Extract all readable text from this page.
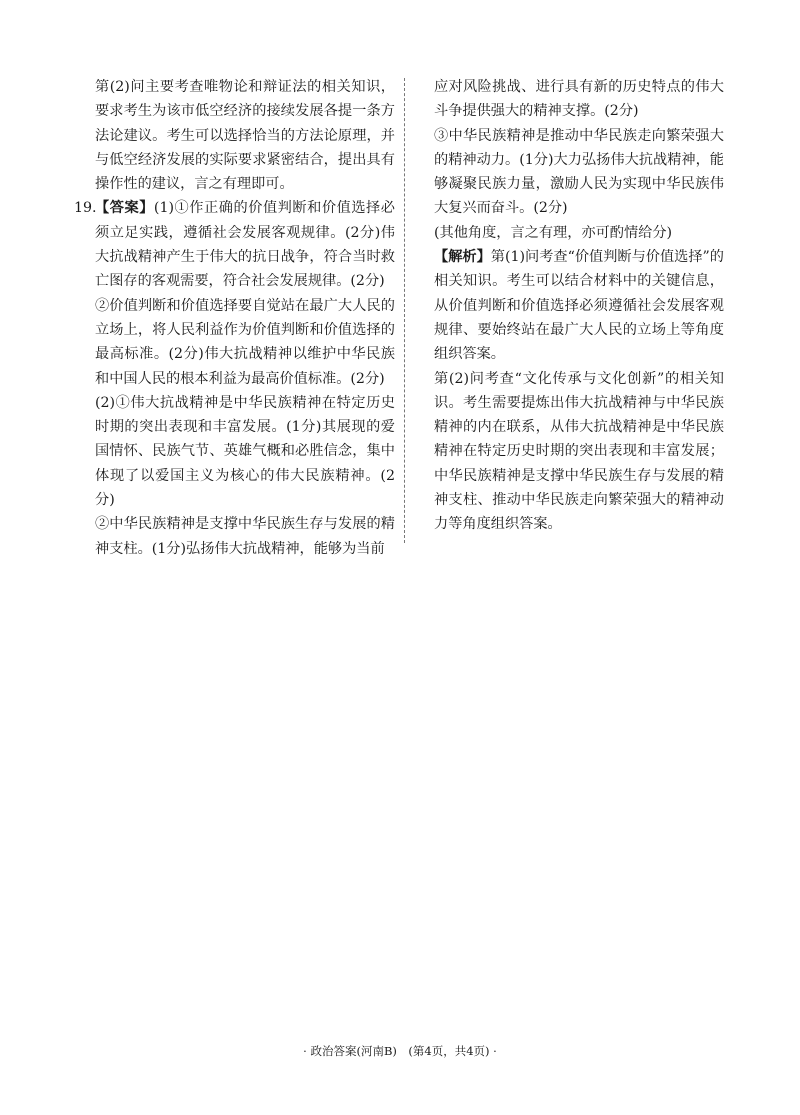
第(2)问主要考查唯物论和辩证法的相关知识，要求考生为该市低空经济的接续发展各提一条方法论建议。考生可以选择恰当的方法论原理，并与低空经济发展的实际要求紧密结合，提出具有操作性的建议，言之有理即可。

19.

【答案】(1)①作正确的价值判断和价值选择必须立足实践，遵循社会发展客观规律。(2分)伟大抗战精神产生于伟大的抗日战争，符合当时救亡图存的客观需要，符合社会发展规律。(2分)

②价值判断和价值选择要自觉站在最广大人民的立场上，将人民利益作为价值判断和价值选择的最高标准。(2分)伟大抗战精神以维护中华民族和中国人民的根本利益为最高价值标准。(2分)

(2)①伟大抗战精神是中华民族精神在特定历史时期的突出表现和丰富发展。(1分)其展现的爱国情怀、民族气节、英雄气概和必胜信念，集中体现了以爱国主义为核心的伟大民族精神。(2分)

②中华民族精神是支撑中华民族生存与发展的精神支柱。(1分)弘扬伟大抗战精神，能够为当前

应对风险挑战、进行具有新的历史特点的伟大斗争提供强大的精神支撑。(2分)

③中华民族精神是推动中华民族走向繁荣强大的精神动力。(1分)大力弘扬伟大抗战精神，能够凝聚民族力量，激励人民为实现中华民族伟大复兴而奋斗。(2分)

(其他角度，言之有理，亦可酌情给分)

【解析】第(1)问考查“价值判断与价值选择”的相关知识。考生可以结合材料中的关键信息，从价值判断和价值选择必须遵循社会发展客观规律、要始终站在最广大人民的立场上等角度组织答案。

第(2)问考查“文化传承与文化创新”的相关知识。考生需要提炼出伟大抗战精神与中华民族精神的内在联系，从伟大抗战精神是中华民族精神在特定历史时期的突出表现和丰富发展；中华民族精神是支撑中华民族生存与发展的精神支柱、推动中华民族走向繁荣强大的精神动力等角度组织答案。

· 政治答案(河南B)　(第4页，共4页) ·
